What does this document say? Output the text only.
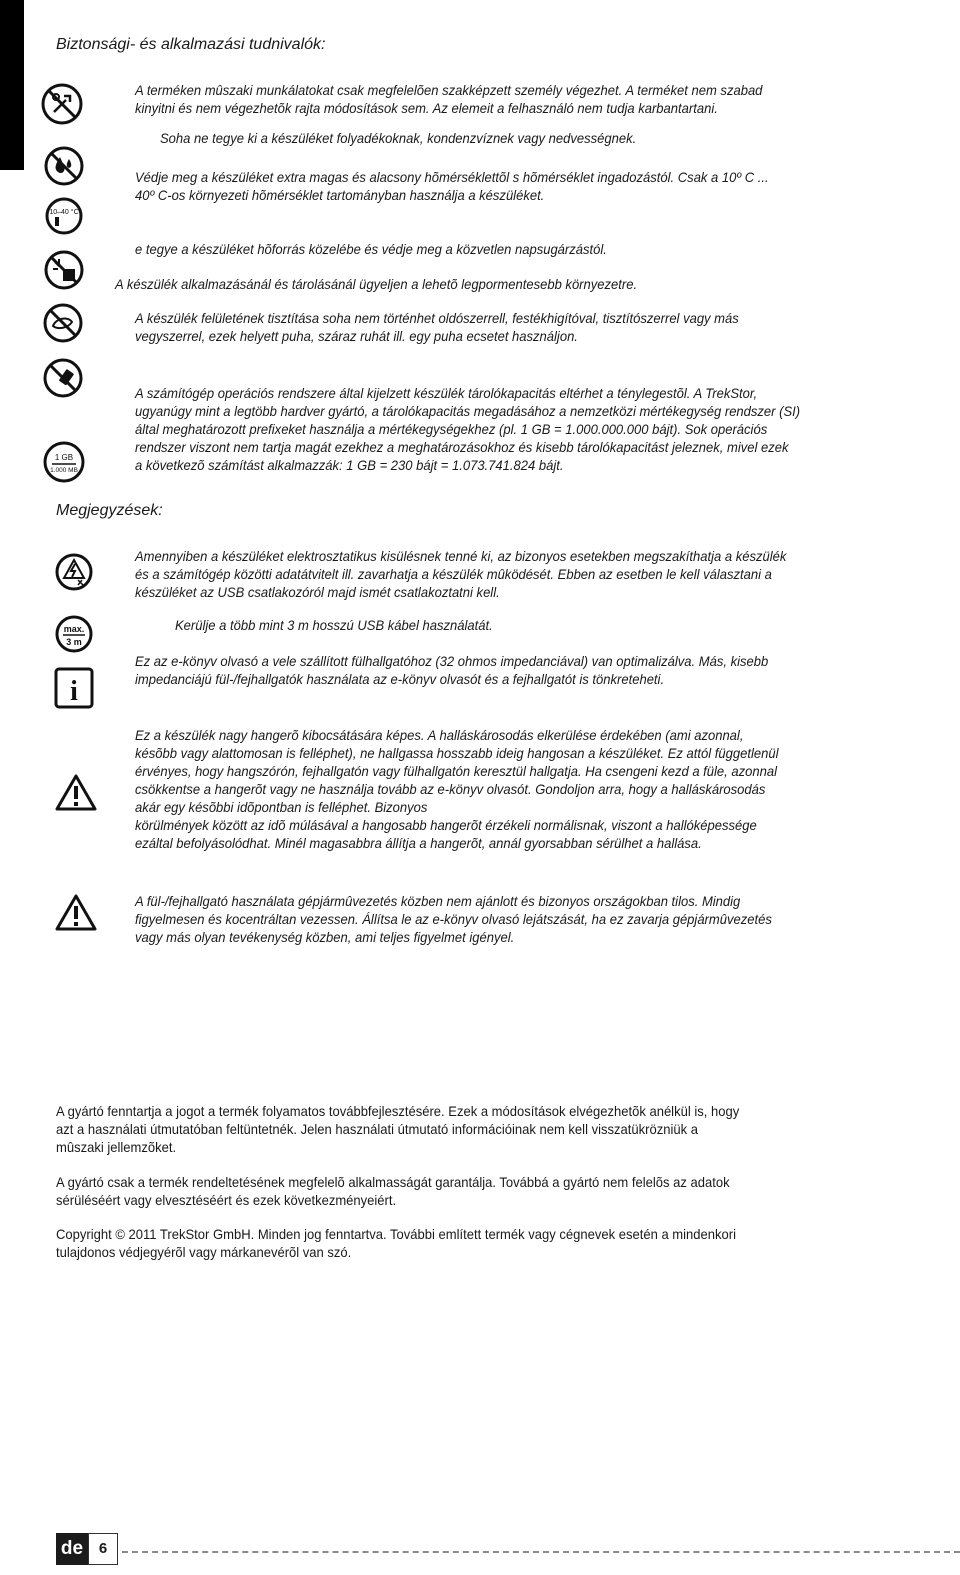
Biztonsági- és alkalmazási tudnivalók:
A terméken mûszaki munkálatokat csak megfelelõen szakképzett személy végezhet. A terméket nem szabad
kinyitni és nem végezhetõk rajta módosítások sem. Az elemeit a felhasználó nem tudja karbantartani.
Soha ne tegye ki a készüléket folyadékoknak, kondenzvíznek vagy nedvességnek.
Védje meg a készüléket extra magas és alacsony hõmérséklettõl s hõmérséklet ingadozástól. Csak a 10º C ...
40º C-os környezeti hõmérséklet tartományban használja a készüléket.
e tegye a készüléket hõforrás közelébe és védje meg a közvetlen napsugárzástól.
A készülék alkalmazásánál és tárolásánál ügyeljen a lehetõ legpormentesebb környezetre.
A készülék felületének tisztítása soha nem történhet oldószerrell, festékhigítóval, tisztítószerrel vagy más
vegyszerrel, ezek helyett puha, száraz ruhát ill. egy puha ecsetet használjon.
A számítógép operációs rendszere által kijelzett készülék tárolókapacitás eltérhet a ténylegestõl. A TrekStor,
ugyanúgy mint a legtöbb hardver gyártó, a tárolókapacitás megadásához a nemzetközi mértékegység rendszer (SI)
által meghatározott prefixeket használja a mértékegységekhez (pl. 1 GB = 1.000.000.000 bájt). Sok operációs
rendszer viszont nem tartja magát ezekhez a meghatározásokhoz és kisebb tárolókapacitást jeleznek, mivel ezek
a következõ számítást alkalmazzák: 1 GB = 230 bájt = 1.073.741.824 bájt.
Megjegyzések:
Amennyiben a készüléket elektrosztatikus kisülésnek tenné ki, az bizonyos esetekben megszakíthatja a készülék
és a számítógép közötti adatátvitelt ill. zavarhatja a készülék mûködését. Ebben az esetben le kell választani a
készüléket az USB csatlakozóról majd ismét csatlakoztatni kell.
Kerülje a több mint 3 m hosszú USB kábel használatát.
Ez az e-könyv olvasó a vele szállított fülhallgatóhoz (32 ohmos impedanciával) van optimalizálva. Más, kisebb
impedanciájú fül-/fejhallgatók használata az e-könyv olvasót és a fejhallgatót is tönkreteheti.
Ez a készülék nagy hangerõ kibocsátására képes. A halláskárosodás elkerülése érdekében (ami azonnal,
késõbb vagy alattomosan is felléphet), ne hallgassa hosszabb ideig hangosan a készüléket. Ez attól függetlenül
érvényes, hogy hangszórón, fejhallgatón vagy fülhallgatón keresztül hallgatja. Ha csengeni kezd a füle, azonnal
csökkentse a hangerõt vagy ne használja tovább az e-könyv olvasót. Gondoljon arra, hogy a halláskárosodás
akár egy késõbbi idõpontban is felléphet. Bizonyos
körülmények között az idõ múlásával a hangosabb hangerõt érzékeli normálisnak, viszont a hallóképessége
ezáltal befolyásolódhat. Minél magasabbra állítja a hangerõt, annál gyorsabban sérülhet a hallása.
A fül-/fejhallgató használata gépjármûvezetés közben nem ajánlott és bizonyos országokban tilos. Mindig
figyelmesen és kocentráltan vezessen. Állítsa le az e-könyv olvasó lejátszását, ha ez zavarja gépjármûvezetés
vagy más olyan tevékenység közben, ami teljes figyelmet igényel.
A gyártó fenntartja a jogot a termék folyamatos továbbfejlesztésére. Ezek a módosítások elvégezhetõk anélkül is, hogy
azt a használati útmutatóban feltüntetnék. Jelen használati útmutató információinak nem kell visszatükrözniük a
mûszaki jellemzõket.
A gyártó csak a termék rendeltetésének megfelelõ alkalmasságát garantálja. Továbbá a gyártó nem felelõs az adatok
sérüléséért vagy elvesztéséért és ezek következményeiért.
Copyright © 2011 TrekStor GmbH. Minden jog fenntartva. További említett termék vagy cégnevek esetén a mindenkori
tulajdonos védjegyérõl vagy márkanevérõl van szó.
10–40 °C
1 GB
1.000 MB
max.
3 m
i
de	6
